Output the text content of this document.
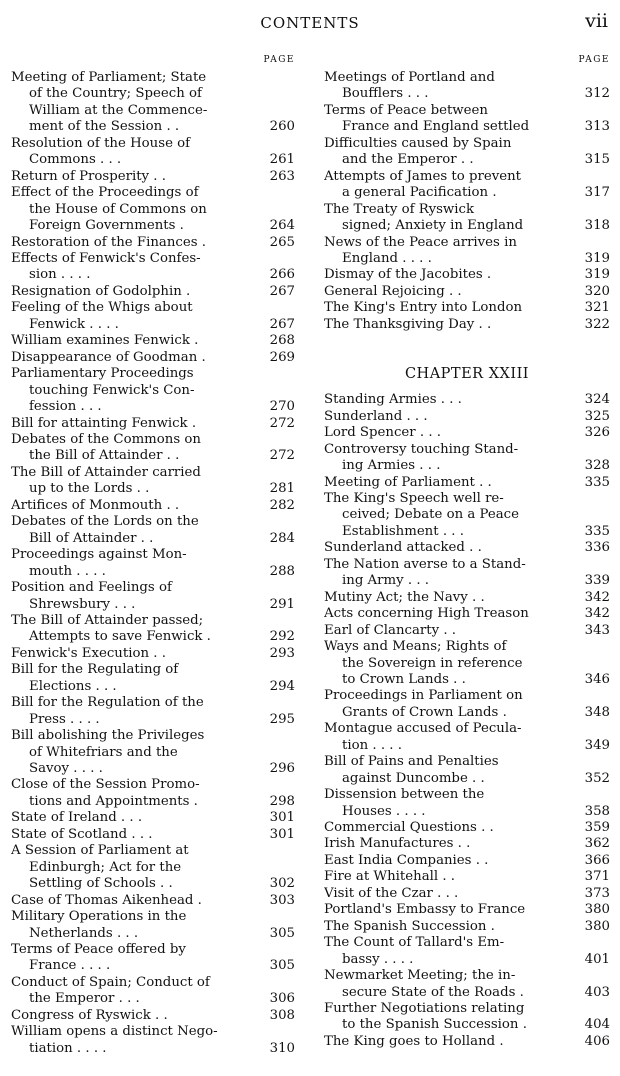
CONTENTS	vii
PAGE
Meeting of Parliament; State
of the Country; Speech of
William at the Commence-
ment of the Session . .	260
Resolution of the House of
Commons . . .	261
Return of Prosperity . .	263
Effect of the Proceedings of
the House of Commons on
Foreign Governments .	264
Restoration of the Finances .	265
Effects of Fenwick's Confes-
sion . . . .	266
Resignation of Godolphin .	267
Feeling of the Whigs about
Fenwick . . . .	267
William examines Fenwick .	268
Disappearance of Goodman .	269
Parliamentary Proceedings
touching Fenwick's Con-
fession . . .	270
Bill for attainting Fenwick .	272
Debates of the Commons on
the Bill of Attainder . .	272
The Bill of Attainder carried
up to the Lords . .	281
Artifices of Monmouth . .	282
Debates of the Lords on the
Bill of Attainder . .	284
Proceedings against Mon-
mouth . . . .	288
Position and Feelings of
Shrewsbury . . .	291
The Bill of Attainder passed;
Attempts to save Fenwick .	292
Fenwick's Execution . .	293
Bill for the Regulating of
Elections . . .	294
Bill for the Regulation of the
Press . . . .	295
Bill abolishing the Privileges
of Whitefriars and the
Savoy . . . .	296
Close of the Session Promo-
tions and Appointments .	298
State of Ireland . . .	301
State of Scotland . . .	301
A Session of Parliament at
Edinburgh; Act for the
Settling of Schools . .	302
Case of Thomas Aikenhead .	303
Military Operations in the
Netherlands . . .	305
Terms of Peace offered by
France . . . .	305
Conduct of Spain; Conduct of
the Emperor . . .	306
Congress of Ryswick . .	308
William opens a distinct Nego-
tiation . . . .	310
PAGE
Meetings of Portland and
Boufflers . . .	312
Terms of Peace between
France and England settled	313
Difficulties caused by Spain
and the Emperor . .	315
Attempts of James to prevent
a general Pacification .	317
The Treaty of Ryswick
signed; Anxiety in England	318
News of the Peace arrives in
England . . . .	319
Dismay of the Jacobites .	319
General Rejoicing . .	320
The King's Entry into London	321
The Thanksgiving Day . .	322
CHAPTER XXIII
Standing Armies . . .	324
Sunderland . . .	325
Lord Spencer . . .	326
Controversy touching Stand-
ing Armies . . .	328
Meeting of Parliament . .	335
The King's Speech well re-
ceived; Debate on a Peace
Establishment . . .	335
Sunderland attacked . .	336
The Nation averse to a Stand-
ing Army . . .	339
Mutiny Act; the Navy . .	342
Acts concerning High Treason	342
Earl of Clancarty . .	343
Ways and Means; Rights of
the Sovereign in reference
to Crown Lands . .	346
Proceedings in Parliament on
Grants of Crown Lands .	348
Montague accused of Pecula-
tion . . . .	349
Bill of Pains and Penalties
against Duncombe . .	352
Dissension between the
Houses . . . .	358
Commercial Questions . .	359
Irish Manufactures . .	362
East India Companies . .	366
Fire at Whitehall . .	371
Visit of the Czar . . .	373
Portland's Embassy to France	380
The Spanish Succession .	380
The Count of Tallard's Em-
bassy . . . .	401
Newmarket Meeting; the in-
secure State of the Roads .	403
Further Negotiations relating
to the Spanish Succession .	404
The King goes to Holland .	406
